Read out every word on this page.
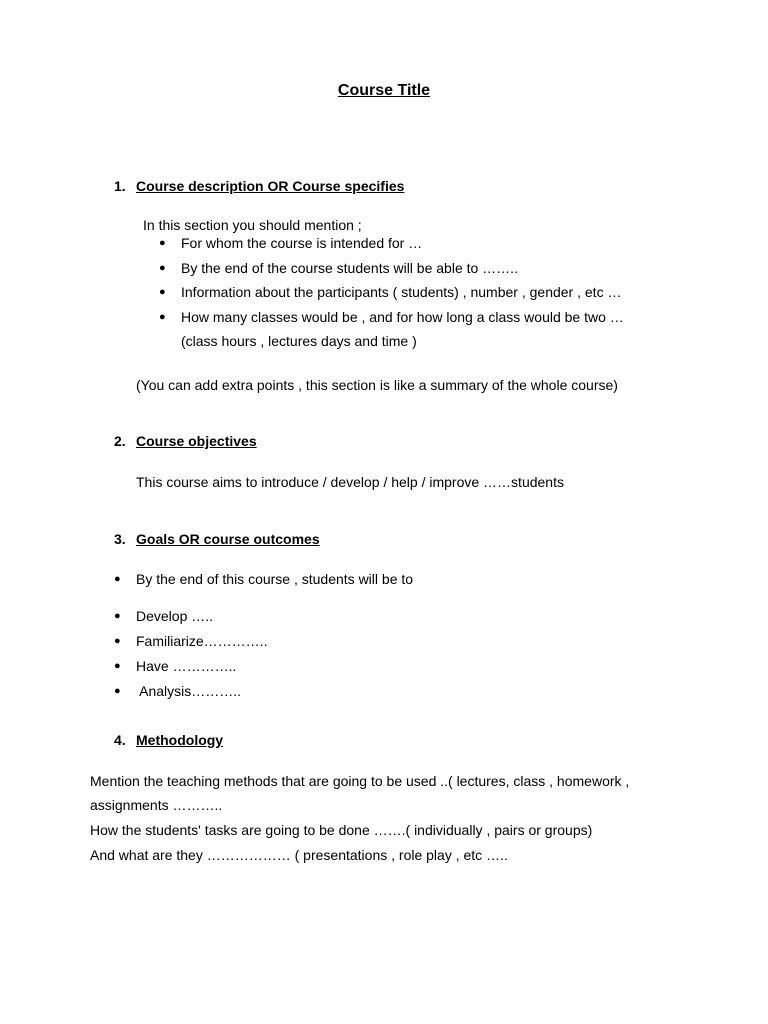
Course Title
1. Course description OR Course specifies
In this section you should mention ;
● For whom the course is intended for …
● By the end of the course students will be able to ……..
● Information about the participants ( students) , number , gender , etc …
● How many classes would be , and for how long a class would be two …
(class hours , lectures days and time )
(You can add extra points , this section is like a summary of the whole course)
2. Course objectives
This course aims to introduce / develop / help / improve ……students
3. Goals OR course outcomes
● By the end of this course , students will be to
● Develop …..
● Familiarize…………..
● Have …………..
● Analysis………..
4. Methodology
Mention the teaching methods that are going to be used ..( lectures, class , homework ,
assignments ………..
How the students' tasks are going to be done …….( individually , pairs or groups)
And what are they ……………… ( presentations , role play , etc …..
